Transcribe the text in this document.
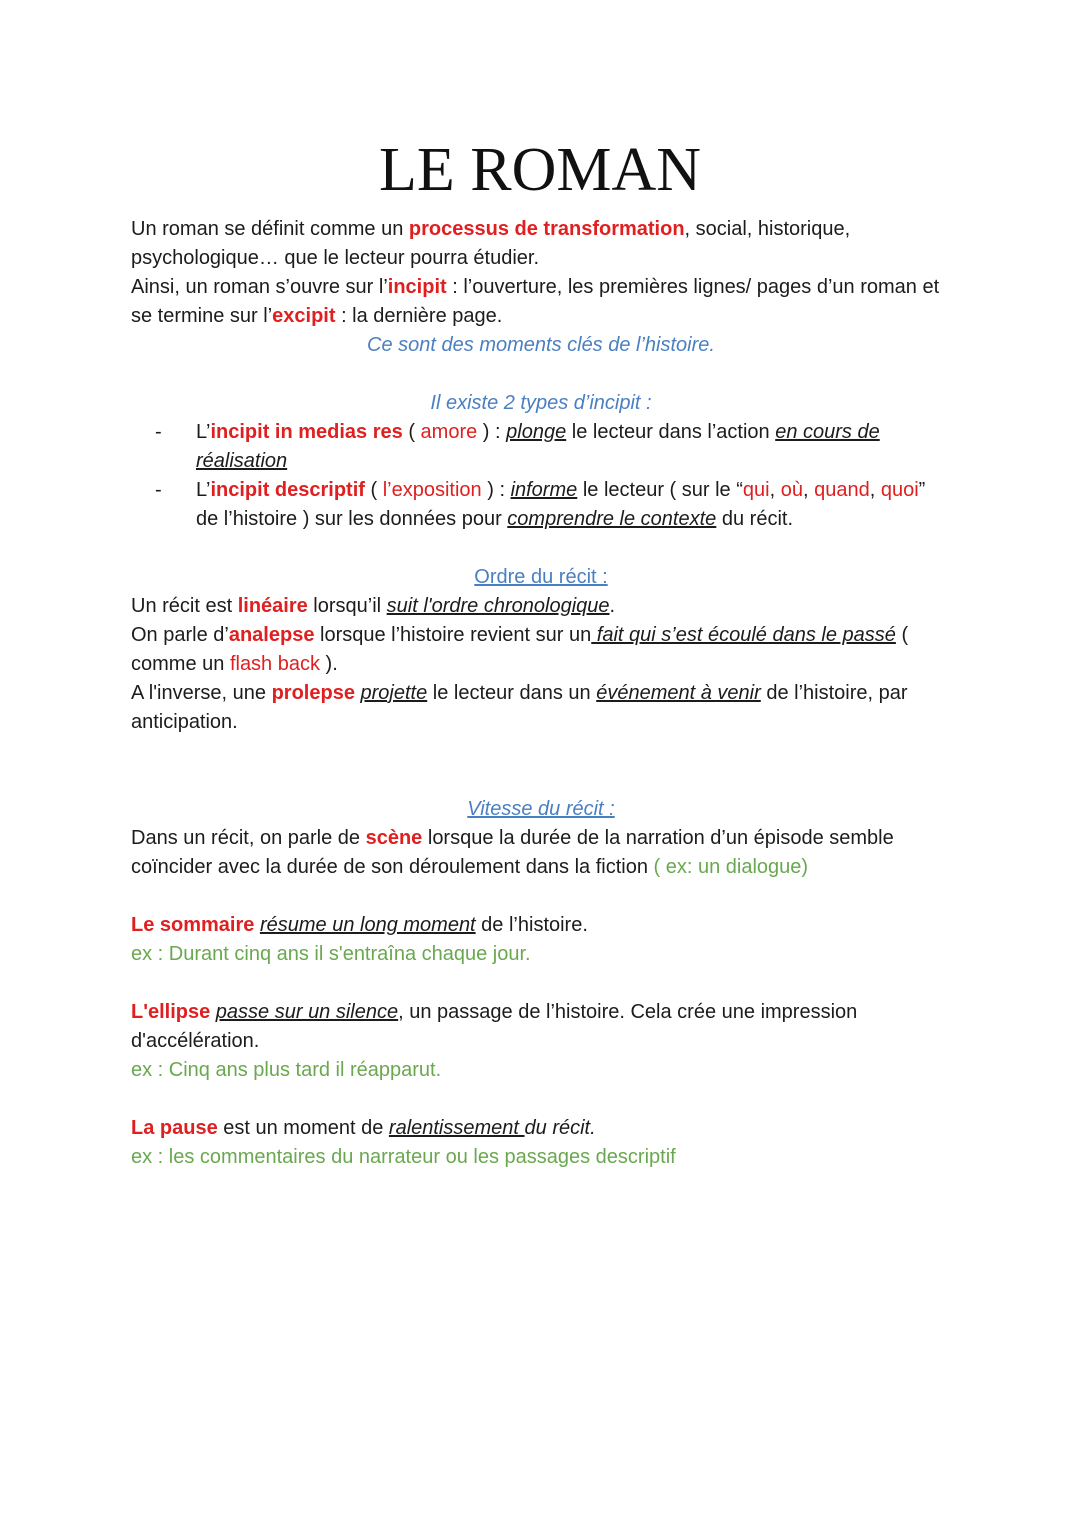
LE ROMAN

Un roman se définit comme un processus de transformation, social, historique, psychologique… que le lecteur pourra étudier.

Ainsi, un roman s’ouvre sur l’incipit : l’ouverture, les premières lignes/ pages d’un roman et se termine sur l’excipit : la dernière page.

Ce sont des moments clés de l’histoire.

Il existe 2 types d’incipit :

- L’incipit in medias res ( amore ) : plonge le lecteur dans l’action en cours de réalisation
- L’incipit descriptif ( l’exposition ) : informe le lecteur ( sur le “qui, où, quand, quoi” de l’histoire ) sur les données pour comprendre le contexte du récit.

Ordre du récit :

Un récit est linéaire lorsqu’il suit l'ordre chronologique.

On parle d’analepse lorsque l’histoire revient sur un fait qui s’est écoulé dans le passé ( comme un flash back ).

A l'inverse, une prolepse projette le lecteur dans un événement à venir de l’histoire, par anticipation.

Vitesse du récit :

Dans un récit, on parle de scène lorsque la durée de la narration d’un épisode semble coïncider avec la durée de son déroulement dans la fiction ( ex: un dialogue)

Le sommaire résume un long moment de l’histoire.

ex : Durant cinq ans il s'entraîna chaque jour.

L'ellipse passe sur un silence, un passage de l’histoire. Cela crée une impression d'accélération.

ex : Cinq ans plus tard il réapparut.

La pause est un moment de ralentissement du récit.

ex : les commentaires du narrateur ou les passages descriptif
